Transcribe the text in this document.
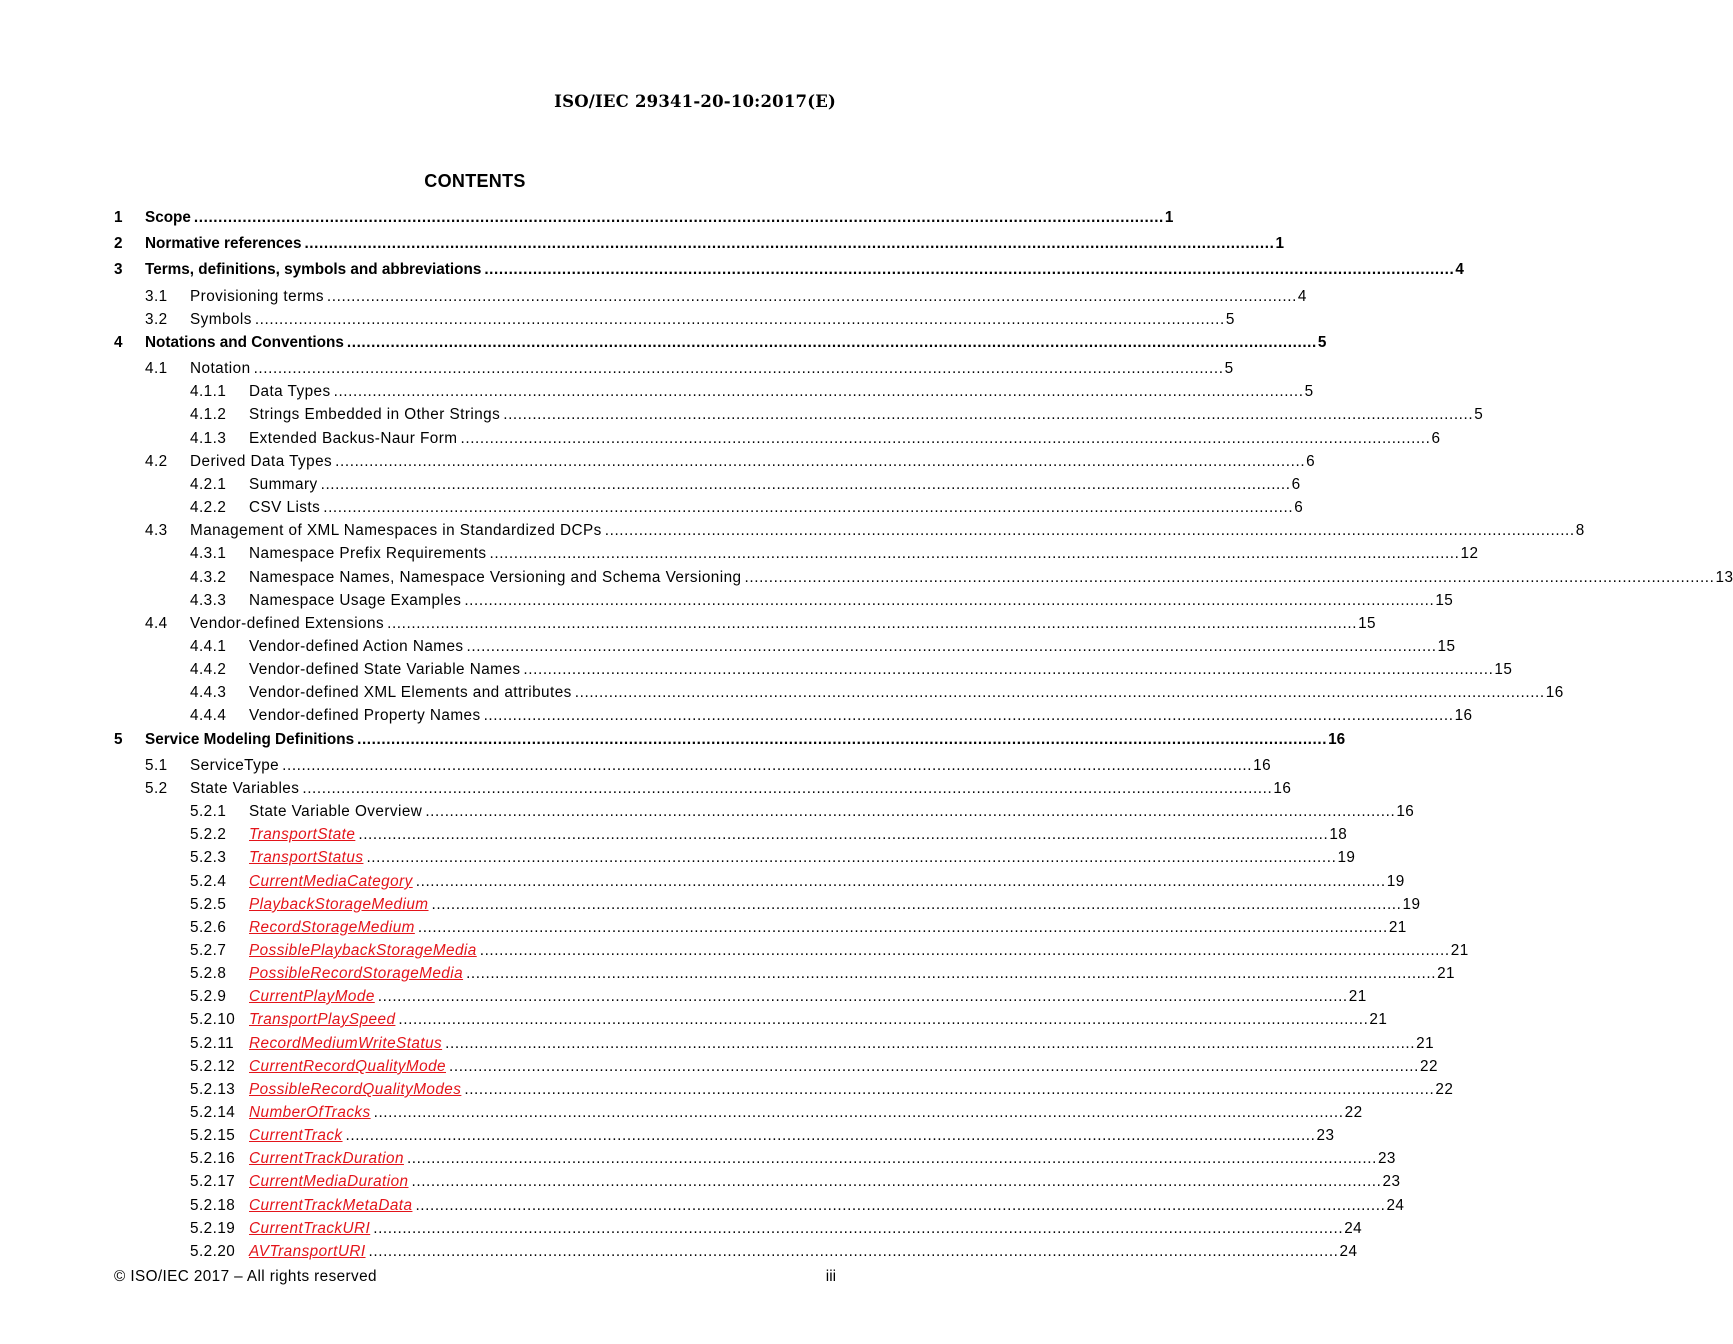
ISO/IEC 29341-20-10:2017(E)
CONTENTS
1 Scope ........................................................................................................................................................................................................ 1
2 Normative references ........................................................................................................................................................................................................ 1
3 Terms, definitions, symbols and abbreviations ........................................................................................................................................................................................................ 4
3.1 Provisioning terms ........................................................................................................................................................................................................ 4
3.2 Symbols ........................................................................................................................................................................................................ 5
4 Notations and Conventions ........................................................................................................................................................................................................ 5
4.1 Notation ........................................................................................................................................................................................................ 5
4.1.1 Data Types ........................................................................................................................................................................................................ 5
4.1.2 Strings Embedded in Other Strings ........................................................................................................................................................................................................ 5
4.1.3 Extended Backus-Naur Form ........................................................................................................................................................................................................ 6
4.2 Derived Data Types ........................................................................................................................................................................................................ 6
4.2.1 Summary ........................................................................................................................................................................................................ 6
4.2.2 CSV Lists ........................................................................................................................................................................................................ 6
4.3 Management of XML Namespaces in Standardized DCPs ........................................................................................................................................................................................................ 8
4.3.1 Namespace Prefix Requirements ........................................................................................................................................................................................................ 12
4.3.2 Namespace Names, Namespace Versioning and Schema Versioning ........................................................................................................................................................................................................ 13
4.3.3 Namespace Usage Examples ........................................................................................................................................................................................................ 15
4.4 Vendor-defined Extensions ........................................................................................................................................................................................................ 15
4.4.1 Vendor-defined Action Names ........................................................................................................................................................................................................ 15
4.4.2 Vendor-defined State Variable Names ........................................................................................................................................................................................................ 15
4.4.3 Vendor-defined XML Elements and attributes ........................................................................................................................................................................................................ 16
4.4.4 Vendor-defined Property Names ........................................................................................................................................................................................................ 16
5 Service Modeling Definitions ........................................................................................................................................................................................................ 16
5.1 ServiceType ........................................................................................................................................................................................................ 16
5.2 State Variables ........................................................................................................................................................................................................ 16
5.2.1 State Variable Overview ........................................................................................................................................................................................................ 16
5.2.2 TransportState ........................................................................................................................................................................................................ 18
5.2.3 TransportStatus ........................................................................................................................................................................................................ 19
5.2.4 CurrentMediaCategory ........................................................................................................................................................................................................ 19
5.2.5 PlaybackStorageMedium ........................................................................................................................................................................................................ 19
5.2.6 RecordStorageMedium ........................................................................................................................................................................................................ 21
5.2.7 PossiblePlaybackStorageMedia ........................................................................................................................................................................................................ 21
5.2.8 PossibleRecordStorageMedia ........................................................................................................................................................................................................ 21
5.2.9 CurrentPlayMode ........................................................................................................................................................................................................ 21
5.2.10 TransportPlaySpeed ........................................................................................................................................................................................................ 21
5.2.11 RecordMediumWriteStatus ........................................................................................................................................................................................................ 21
5.2.12 CurrentRecordQualityMode ........................................................................................................................................................................................................ 22
5.2.13 PossibleRecordQualityModes ........................................................................................................................................................................................................ 22
5.2.14 NumberOfTracks ........................................................................................................................................................................................................ 22
5.2.15 CurrentTrack ........................................................................................................................................................................................................ 23
5.2.16 CurrentTrackDuration ........................................................................................................................................................................................................ 23
5.2.17 CurrentMediaDuration ........................................................................................................................................................................................................ 23
5.2.18 CurrentTrackMetaData ........................................................................................................................................................................................................ 24
5.2.19 CurrentTrackURI ........................................................................................................................................................................................................ 24
5.2.20 AVTransportURI ........................................................................................................................................................................................................ 24
© ISO/IEC 2017 – All rights reserved	iii
